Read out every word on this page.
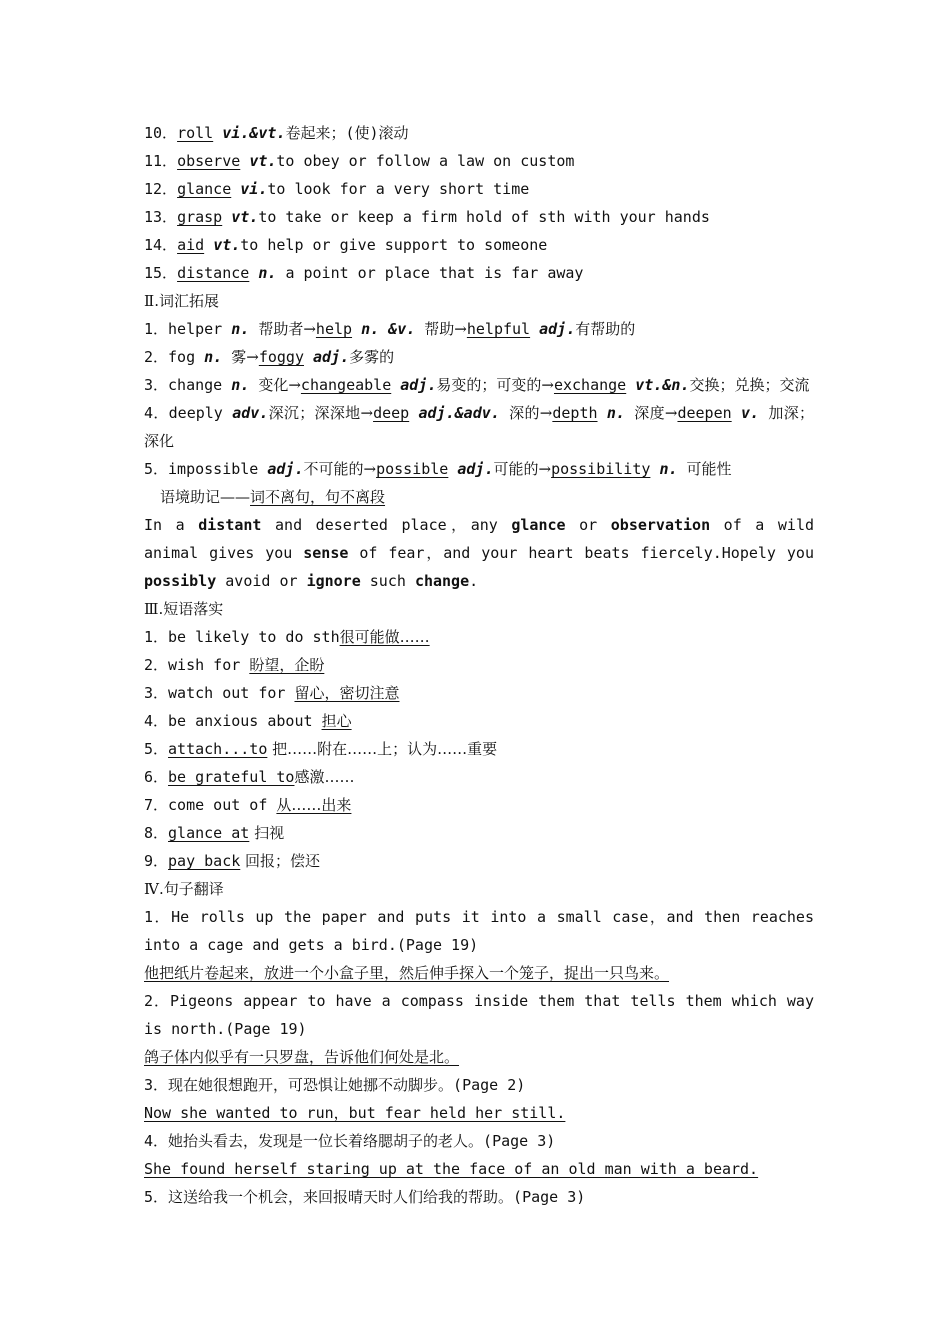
10．roll vi.&vt.卷起来；(使)滚动
11．observe vt.to obey or follow a law on custom
12．glance vi.to look for a very short time
13．grasp vt.to take or keep a firm hold of sth with your hands
14．aid vt.to help or give support to someone
15．distance n. a point or place that is far away
Ⅱ.词汇拓展
1．helper n. 帮助者→help n. &v. 帮助→helpful adj.有帮助的
2．fog n. 雾→foggy adj.多雾的
3．change n. 变化→changeable adj.易变的；可变的→exchange vt.&n.交换；兑换；交流
4．deeply adv.深沉；深深地→deep adj.&adv. 深的→depth n. 深度→deepen v. 加深；深化
5．impossible adj.不可能的→possible adj.可能的→possibility n. 可能性
语境助记——词不离句，句不离段
In a distant and deserted place，any glance or observation of a wild animal gives you sense of fear，and your heart beats fiercely.Hopely you possibly avoid or ignore such change.
Ⅲ.短语落实
1．be likely to do sth很可能做……
2．wish for 盼望，企盼
3．watch out for 留心，密切注意
4．be anxious about 担心
5．attach...to 把……附在……上；认为……重要
6．be grateful to感激……
7．come out of 从……出来
8．glance at 扫视
9．pay back 回报；偿还
Ⅳ.句子翻译
1．He rolls up the paper and puts it into a small case，and then reaches into a cage and gets a bird.(Page 19)
他把纸片卷起来，放进一个小盒子里，然后伸手探入一个笼子，捉出一只鸟来。
2．Pigeons appear to have a compass inside them that tells them which way is north.(Page 19)
鸽子体内似乎有一只罗盘，告诉他们何处是北。
3．现在她很想跑开，可恐惧让她挪不动脚步。(Page 2)
Now she wanted to run，but fear held her still.
4．她抬头看去，发现是一位长着络腮胡子的老人。(Page 3)
She found herself staring up at the face of an old man with a beard.
5．这送给我一个机会，来回报晴天时人们给我的帮助。(Page 3)
